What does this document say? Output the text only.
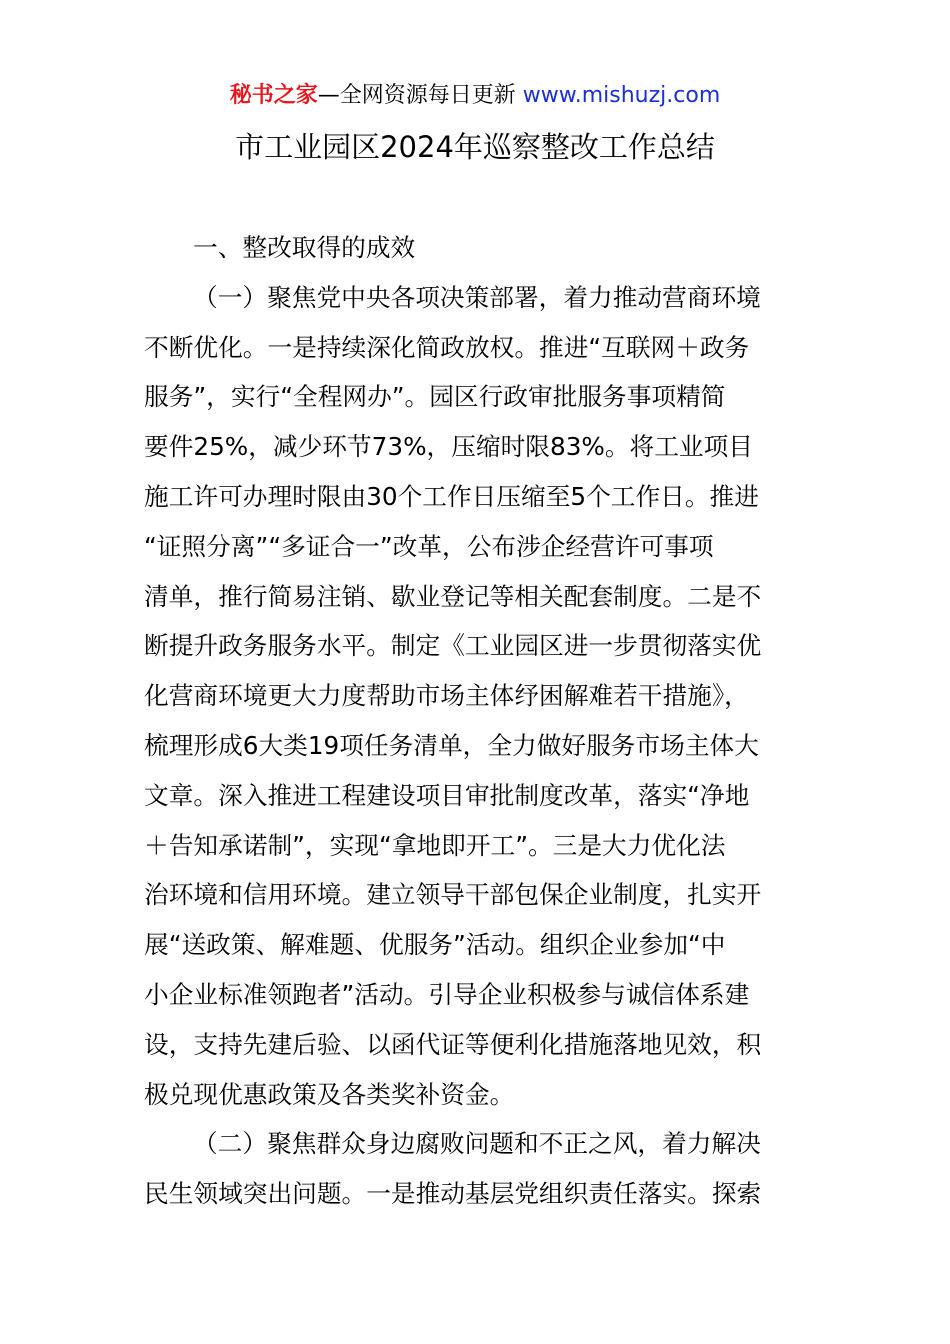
秘书之家—全网资源每日更新 www.mishuzj.com
市工业园区2024年巡察整改工作总结
一、整改取得的成效
（一）聚焦党中央各项决策部署，着力推动营商环境
不断优化。一是持续深化简政放权。推进“互联网＋政务
服务”，实行“全程网办”。园区行政审批服务事项精简
要件25%，减少环节73%，压缩时限83%。将工业项目
施工许可办理时限由30个工作日压缩至5个工作日。推进
“证照分离”“多证合一”改革，公布涉企经营许可事项
清单，推行简易注销、歇业登记等相关配套制度。二是不
断提升政务服务水平。制定《工业园区进一步贯彻落实优
化营商环境更大力度帮助市场主体纾困解难若干措施》，
梳理形成6大类19项任务清单，全力做好服务市场主体大
文章。深入推进工程建设项目审批制度改革，落实“净地
＋告知承诺制”，实现“拿地即开工”。三是大力优化法
治环境和信用环境。建立领导干部包保企业制度，扎实开
展“送政策、解难题、优服务”活动。组织企业参加“中
小企业标准领跑者”活动。引导企业积极参与诚信体系建
设，支持先建后验、以函代证等便利化措施落地见效，积
极兑现优惠政策及各类奖补资金。
（二）聚焦群众身边腐败问题和不正之风，着力解决
民生领域突出问题。一是推动基层党组织责任落实。探索
